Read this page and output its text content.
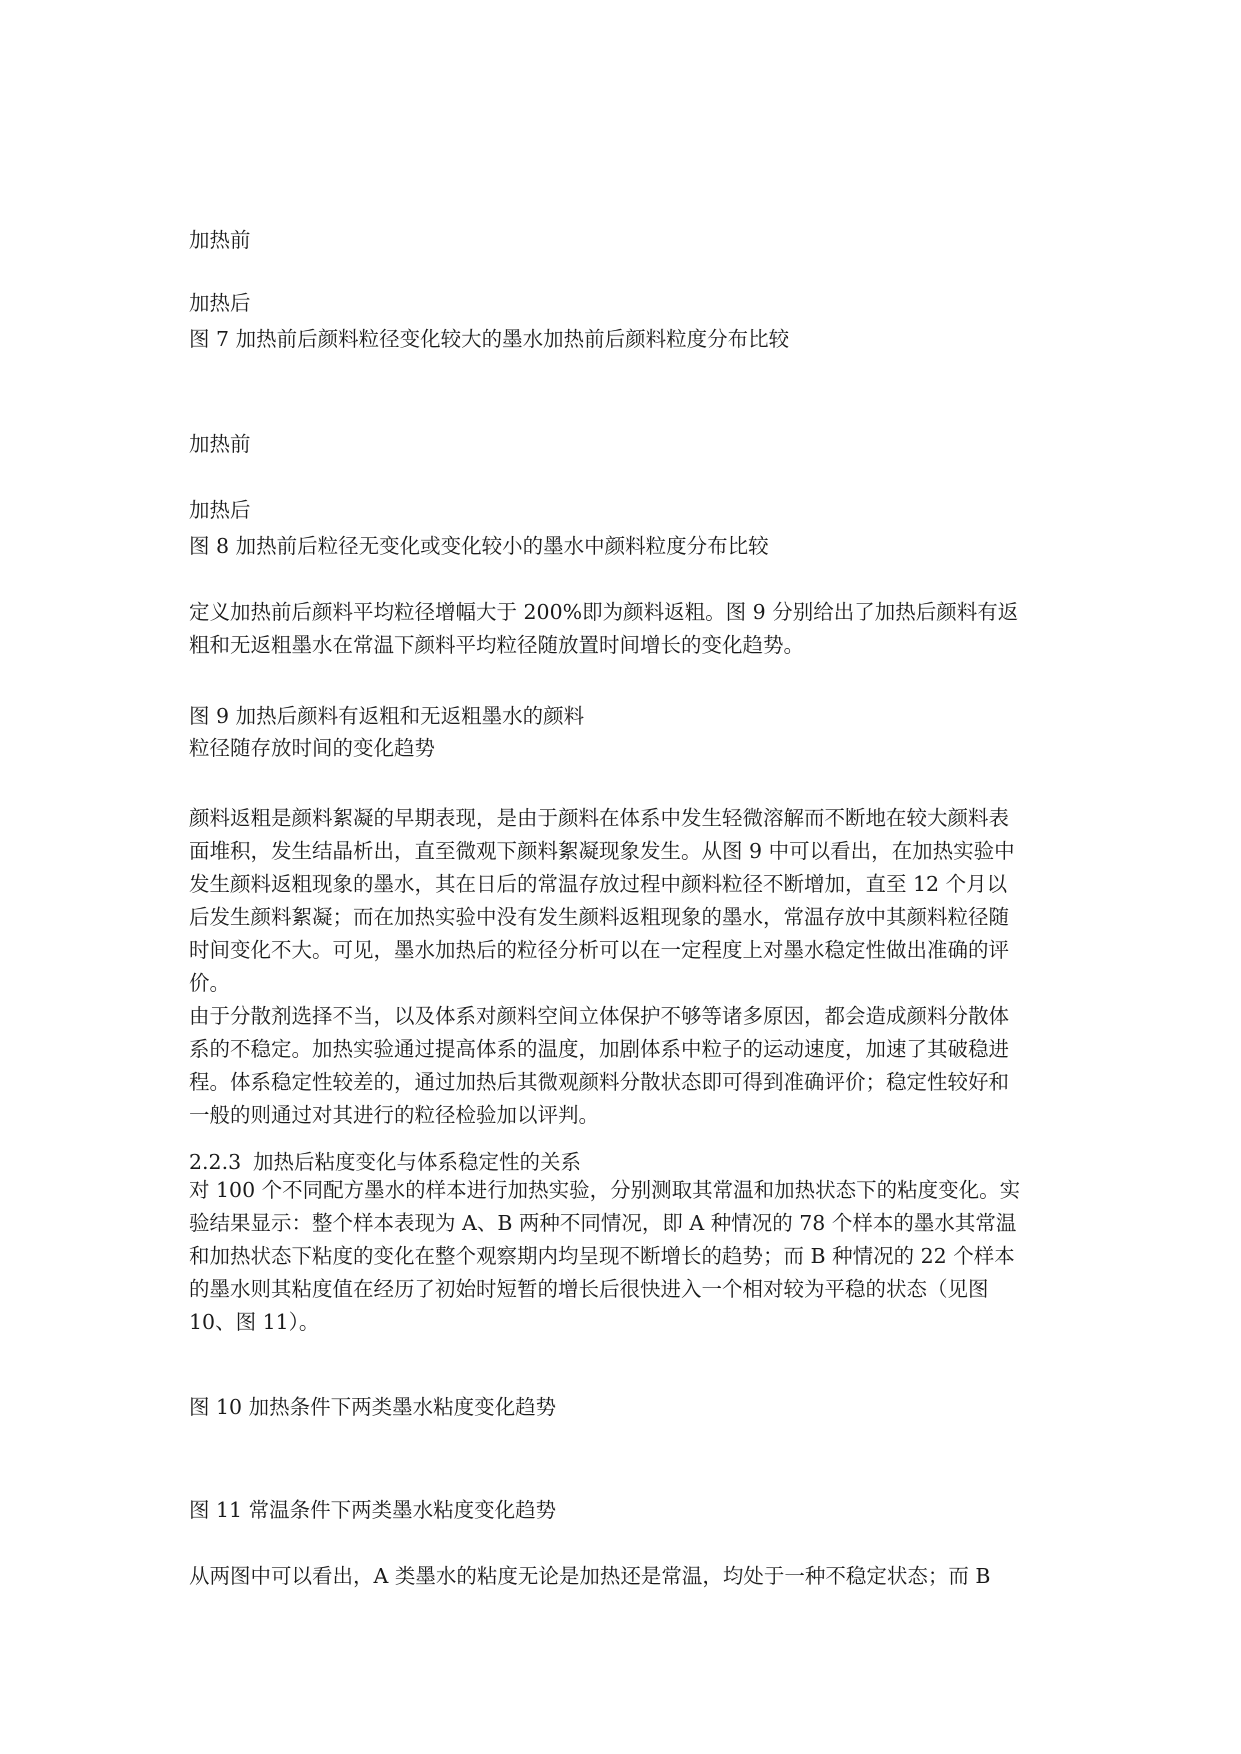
加热前
加热后
图 7 加热前后颜料粒径变化较大的墨水加热前后颜料粒度分布比较
加热前
加热后
图 8 加热前后粒径无变化或变化较小的墨水中颜料粒度分布比较
定义加热前后颜料平均粒径增幅大于 200%即为颜料返粗。图 9 分别给出了加热后颜料有返
粗和无返粗墨水在常温下颜料平均粒径随放置时间增长的变化趋势。
图 9 加热后颜料有返粗和无返粗墨水的颜料
粒径随存放时间的变化趋势
颜料返粗是颜料絮凝的早期表现，是由于颜料在体系中发生轻微溶解而不断地在较大颜料表
面堆积，发生结晶析出，直至微观下颜料絮凝现象发生。从图 9 中可以看出，在加热实验中
发生颜料返粗现象的墨水，其在日后的常温存放过程中颜料粒径不断增加，直至 12 个月以
后发生颜料絮凝；而在加热实验中没有发生颜料返粗现象的墨水，常温存放中其颜料粒径随
时间变化不大。可见，墨水加热后的粒径分析可以在一定程度上对墨水稳定性做出准确的评
价。
由于分散剂选择不当，以及体系对颜料空间立体保护不够等诸多原因，都会造成颜料分散体
系的不稳定。加热实验通过提高体系的温度，加剧体系中粒子的运动速度，加速了其破稳进
程。体系稳定性较差的，通过加热后其微观颜料分散状态即可得到准确评价；稳定性较好和
一般的则通过对其进行的粒径检验加以评判。
2.2.3 加热后粘度变化与体系稳定性的关系
对 100 个不同配方墨水的样本进行加热实验，分别测取其常温和加热状态下的粘度变化。实
验结果显示：整个样本表现为 A、B 两种不同情况，即 A 种情况的 78 个样本的墨水其常温
和加热状态下粘度的变化在整个观察期内均呈现不断增长的趋势；而 B 种情况的 22 个样本
的墨水则其粘度值在经历了初始时短暂的增长后很快进入一个相对较为平稳的状态（见图
10、图 11）。
图 10 加热条件下两类墨水粘度变化趋势
图 11 常温条件下两类墨水粘度变化趋势
从两图中可以看出，A 类墨水的粘度无论是加热还是常温，均处于一种不稳定状态；而 B
